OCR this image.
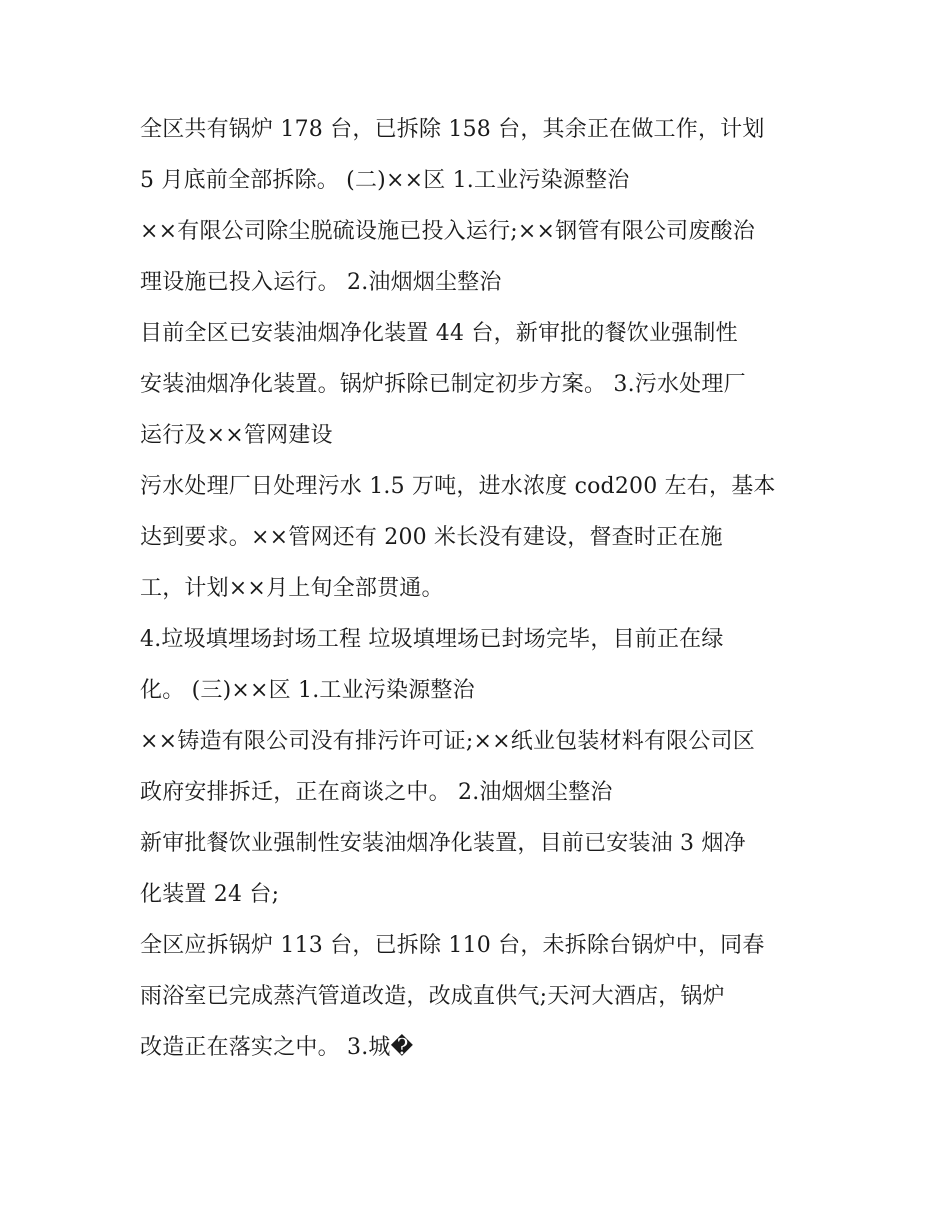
全区共有锅炉 178 台，已拆除 158 台，其余正在做工作，计划
5 月底前全部拆除。 (二)××区 1.工业污染源整治
××有限公司除尘脱硫设施已投入运行;××钢管有限公司废酸治
理设施已投入运行。 2.油烟烟尘整治
目前全区已安装油烟净化装置 44 台，新审批的餐饮业强制性
安装油烟净化装置。锅炉拆除已制定初步方案。 3.污水处理厂
运行及××管网建设
污水处理厂日处理污水 1.5 万吨，进水浓度 cod200 左右，基本
达到要求。××管网还有 200 米长没有建设，督查时正在施
工，计划××月上旬全部贯通。
4.垃圾填埋场封场工程 垃圾填埋场已封场完毕，目前正在绿
化。 (三)××区 1.工业污染源整治
××铸造有限公司没有排污许可证;××纸业包装材料有限公司区
政府安排拆迁，正在商谈之中。 2.油烟烟尘整治
新审批餐饮业强制性安装油烟净化装置，目前已安装油 3 烟净
化装置 24 台;
全区应拆锅炉 113 台，已拆除 110 台，未拆除台锅炉中，同春
雨浴室已完成蒸汽管道改造，改成直供气;天河大酒店，锅炉
改造正在落实之中。 3.城�
